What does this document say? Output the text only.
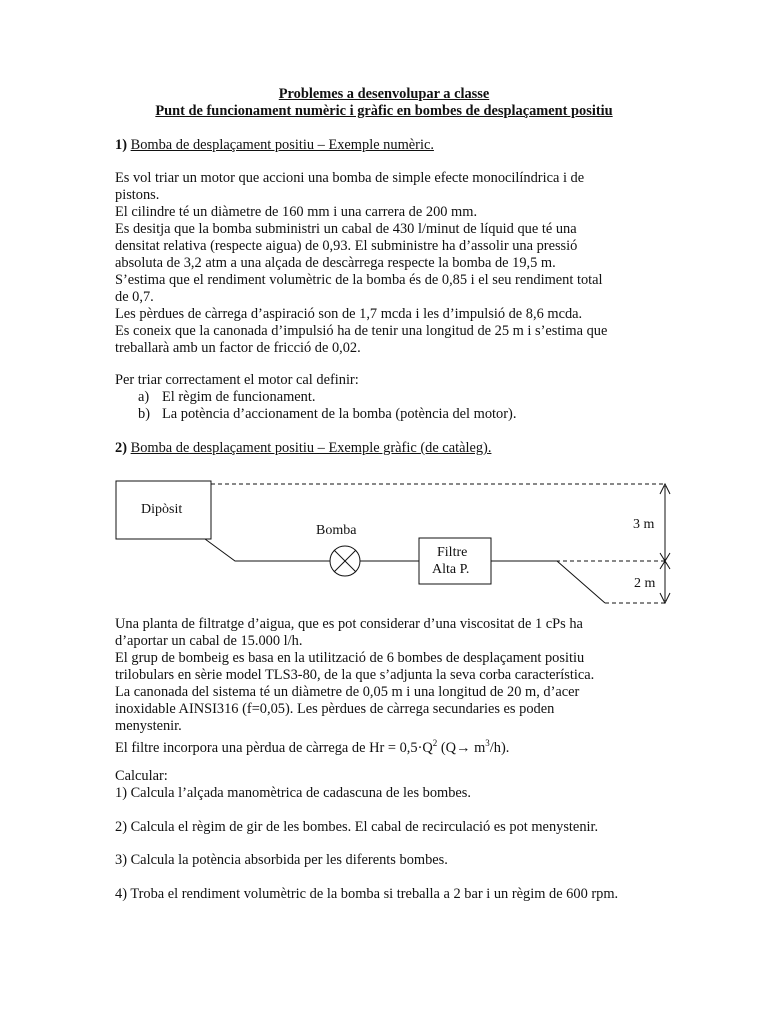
Problemes a desenvolupar a classe
Punt de funcionament numèric i gràfic en bombes de desplaçament positiu
1) Bomba de desplaçament positiu – Exemple numèric.
Es vol triar un motor que accioni una bomba de simple efecte monocilíndrica i de
pistons.
El cilindre té un diàmetre de 160 mm i una carrera de 200 mm.
Es desitja que la bomba subministri un cabal de 430 l/minut de líquid que té una
densitat relativa (respecte aigua) de 0,93. El subministre ha d’assolir una pressió
absoluta de 3,2 atm a una alçada de descàrrega respecte la bomba de 19,5 m.
S’estima que el rendiment volumètric de la bomba és de 0,85 i el seu rendiment total
de 0,7.
Les pèrdues de càrrega d’aspiració son de 1,7 mcda i les d’impulsió de 8,6 mcda.
Es coneix que la canonada d’impulsió ha de tenir una longitud de 25 m i s’estima que
treballarà amb un factor de fricció de 0,02.
Per triar correctament el motor cal definir:
a) El règim de funcionament.
b) La potència d’accionament de la bomba (potència del motor).
2) Bomba de desplaçament positiu – Exemple gràfic (de catàleg).
Dipòsit
Bomba
Filtre
Alta P.
3 m
2 m
Una planta de filtratge d’aigua, que es pot considerar d’una viscositat de 1 cPs ha
d’aportar un cabal de 15.000 l/h.
El grup de bombeig es basa en la utilització de 6 bombes de desplaçament positiu
trilobulars en sèrie model TLS3-80, de la que s’adjunta la seva corba característica.
La canonada del sistema té un diàmetre de 0,05 m i una longitud de 20 m, d’acer
inoxidable AINSI316 (f=0,05). Les pèrdues de càrrega secundaries es poden
menystenir.
El filtre incorpora una pèrdua de càrrega de $Hr = 0,5\cdot Q^2$ $(Q\to m^3/h)$.
Calcular:
1) Calcula l’alçada manomètrica de cadascuna de les bombes.
2) Calcula el règim de gir de les bombes. El cabal de recirculació es pot menystenir.
3) Calcula la potència absorbida per les diferents bombes.
4) Troba el rendiment volumètric de la bomba si treballa a 2 bar i un règim de 600 rpm.
